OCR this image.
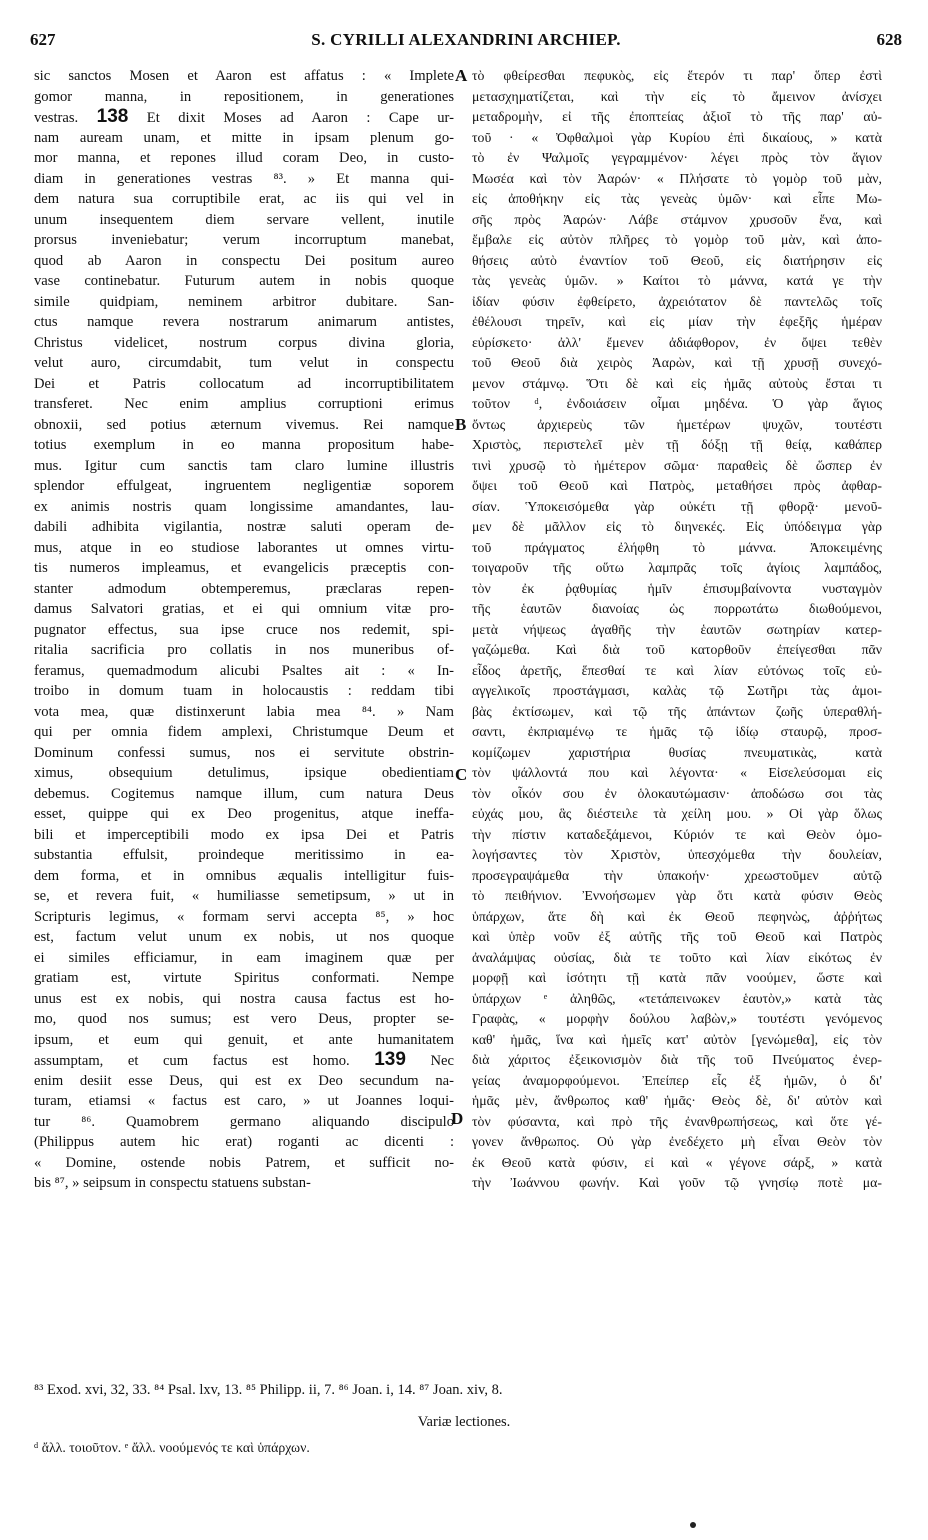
627	S. CYRILLI ALEXANDRINI ARCHIEP.	628
sic sanctos Mosen et Aaron est affatus : « Implete
gomor manna, in repositionem, in generationes
vestras. 138 Et dixit Moses ad Aaron : Cape ur-
nam auream unam, et mitte in ipsam plenum go-
mor manna, et repones illud coram Deo, in custo-
diam in generationes vestras ⁸³. » Et manna qui-
dem natura sua corruptibile erat, ac iis qui vel in
unum insequentem diem servare vellent, inutile
prorsus inveniebatur; verum incorruptum manebat,
quod ab Aaron in conspectu Dei positum aureo
vase continebatur. Futurum autem in nobis quoque
simile quidpiam, neminem arbitror dubitare. San-
ctus namque revera nostrarum animarum antistes,
Christus videlicet, nostrum corpus divina gloria,
velut auro, circumdabit, tum velut in conspectu
Dei et Patris collocatum ad incorruptibilitatem
transferet. Nec enim amplius corruptioni erimus
obnoxii, sed potius æternum vivemus. Rei namque
totius exemplum in eo manna propositum habe-
mus. Igitur cum sanctis tam claro lumine illustris
splendor effulgeat, ingruentem negligentiæ soporem
ex animis nostris quam longissime amandantes, lau-
dabili adhibita vigilantia, nostræ saluti operam de-
mus, atque in eo studiose laborantes ut omnes virtu-
tis numeros impleamus, et evangelicis præceptis con-
stanter admodum obtemperemus, præclaras repen-
damus Salvatori gratias, et ei qui omnium vitæ pro-
pugnator effectus, sua ipse cruce nos redemit, spi-
ritalia sacrificia pro collatis in nos muneribus of-
feramus, quemadmodum alicubi Psaltes ait : « In-
troibo in domum tuam in holocaustis : reddam tibi
vota mea, quæ distinxerunt labia mea ⁸⁴. » Nam
qui per omnia fidem amplexi, Christumque Deum et
Dominum confessi sumus, nos ei servitute obstrin-
ximus, obsequium detulimus, ipsique obedientiam
debemus. Cogitemus namque illum, cum natura Deus
esset, quippe qui ex Deo progenitus, atque ineffa-
bili et imperceptibili modo ex ipsa Dei et Patris
substantia effulsit, proindeque meritissimo in ea-
dem forma, et in omnibus æqualis intelligitur fuis-
se, et revera fuit, « humiliasse semetipsum, » ut in
Scripturis legimus, « formam servi accepta ⁸⁵, » hoc
est, factum velut unum ex nobis, ut nos quoque
ei similes efficiamur, in eam imaginem quæ per
gratiam est, virtute Spiritus conformati. Nempe
unus est ex nobis, qui nostra causa factus est ho-
mo, quod nos sumus; est vero Deus, propter se-
ipsum, et eum qui genuit, et ante humanitatem
assumptam, et cum factus est homo. 139 Nec
enim desiit esse Deus, qui est ex Deo secundum na-
turam, etiamsi « factus est caro, » ut Joannes loqui-
tur ⁸⁶. Quamobrem germano aliquando discipulo
(Philippus autem hic erat) roganti ac dicenti :
« Domine, ostende nobis Patrem, et sufficit no-
bis ⁸⁷, » seipsum in conspectu statuens substan-
τὸ φθείρεσθαι πεφυκὸς, εἰς ἕτερόν τι παρ' ὅπερ ἐστὶ
μετασχηματίζεται, καὶ τὴν εἰς τὸ ἄμεινον ἀνίσχει
μεταδρομὴν, εἰ τῆς ἐποπτείας ἀξιοῖ τὸ τῆς παρ' αὐ-
τοῦ · « Ὀφθαλμοὶ γὰρ Κυρίου ἐπὶ δικαίους, » κατὰ
τὸ ἐν Ψαλμοῖς γεγραμμένον· λέγει πρὸς τὸν ἅγιον
Μωσέα καὶ τὸν Ἀαρών· « Πλήσατε τὸ γομὸρ τοῦ μὰν,
εἰς ἀποθήκην εἰς τὰς γενεὰς ὑμῶν· καὶ εἶπε Μω-
σῆς πρὸς Ἀαρών· Λάβε στάμνον χρυσοῦν ἕνα, καὶ
ἔμβαλε εἰς αὐτὸν πλῆρες τὸ γομὸρ τοῦ μὰν, καὶ ἀπο-
θήσεις αὐτὸ ἐναντίον τοῦ Θεοῦ, εἰς διατήρησιν εἰς
τὰς γενεὰς ὑμῶν. » Καίτοι τὸ μάννα, κατά γε τὴν
ἰδίαν φύσιν ἐφθείρετο, ἀχρειότατον δὲ παντελῶς τοῖς
ἐθέλουσι τηρεῖν, καὶ εἰς μίαν τὴν ἐφεξῆς ἡμέραν
εὑρίσκετο· ἀλλ' ἔμενεν ἀδιάφθορον, ἐν ὄψει τεθὲν
τοῦ Θεοῦ διὰ χειρὸς Ἀαρὼν, καὶ τῇ χρυσῇ συνεχό-
μενον στάμνῳ. Ὅτι δὲ καὶ εἰς ἡμᾶς αὐτοὺς ἔσται τι
τοῦτον ᵈ, ἐνδοιάσειν οἶμαι μηδένα. Ὁ γὰρ ἅγιος
ὄντως ἀρχιερεὺς τῶν ἡμετέρων ψυχῶν, τουτέστι
Χριστὸς, περιστελεῖ μὲν τῇ δόξῃ τῇ θείᾳ, καθάπερ
τινὶ χρυσῷ τὸ ἡμέτερον σῶμα· παραθεὶς δὲ ὥσπερ ἐν
ὄψει τοῦ Θεοῦ καὶ Πατρὸς, μεταθήσει πρὸς ἀφθαρ-
σίαν. Ὑποκεισόμεθα γὰρ οὐκέτι τῇ φθορᾷ· μενοῦ-
μεν δὲ μᾶλλον εἰς τὸ διηνεκές. Εἰς ὑπόδειγμα γὰρ
τοῦ πράγματος ἐλήφθη τὸ μάννα. Ἀποκειμένης
τοιγαροῦν τῆς οὕτω λαμπρᾶς τοῖς ἁγίοις λαμπάδος,
τὸν ἐκ ῥᾳθυμίας ἡμῖν ἐπισυμβαίνοντα νυσταγμὸν
τῆς ἑαυτῶν διανοίας ὡς πορρωτάτω διωθούμενοι,
μετὰ νήψεως ἀγαθῆς τὴν ἑαυτῶν σωτηρίαν κατερ-
γαζώμεθα. Καὶ διὰ τοῦ κατορθοῦν ἐπείγεσθαι πᾶν
εἶδος ἀρετῆς, ἕπεσθαί τε καὶ λίαν εὐτόνως τοῖς εὐ-
αγγελικοῖς προστάγμασι, καλὰς τῷ Σωτῆρι τὰς ἀμοι-
βὰς ἐκτίσωμεν, καὶ τῷ τῆς ἁπάντων ζωῆς ὑπεραθλή-
σαντι, ἐκπριαμένῳ τε ἡμᾶς τῷ ἰδίῳ σταυρῷ, προσ-
κομίζωμεν χαριστήρια θυσίας πνευματικὰς, κατὰ
τὸν ψάλλοντά που καὶ λέγοντα· « Εἰσελεύσομαι εἰς
τὸν οἶκόν σου ἐν ὁλοκαυτώμασιν· ἀποδώσω σοι τὰς
εὐχάς μου, ἃς διέστειλε τὰ χείλη μου. » Οἱ γὰρ ὅλως
τὴν πίστιν καταδεξάμενοι, Κύριόν τε καὶ Θεὸν ὁμο-
λογήσαντες τὸν Χριστὸν, ὑπεσχόμεθα τὴν δουλείαν,
προσεγραψάμεθα τὴν ὑπακοήν· χρεωστοῦμεν αὐτῷ
τὸ πειθήνιον. Ἐννοήσωμεν γὰρ ὅτι κατὰ φύσιν Θεὸς
ὑπάρχων, ἅτε δὴ καὶ ἐκ Θεοῦ πεφηνὼς, ἀῤῥήτως
καὶ ὑπὲρ νοῦν ἐξ αὐτῆς τῆς τοῦ Θεοῦ καὶ Πατρὸς
ἀναλάμψας οὐσίας, διὰ τε τοῦτο καὶ λίαν εἰκότως ἐν
μορφῇ καὶ ἰσότητι τῇ κατὰ πᾶν νοούμεν, ὥστε καὶ
ὑπάρχων ᵉ ἀληθῶς, «τετάπεινωκεν ἑαυτὸν,» κατὰ τὰς
Γραφὰς, « μορφὴν δούλου λαβὼν,» τουτέστι γενόμενος
καθ' ἡμᾶς, ἵνα καὶ ἡμεῖς κατ' αὐτὸν [γενώμεθα], εἰς τὸν
διὰ χάριτος ἐξεικονισμὸν διὰ τῆς τοῦ Πνεύματος ἐνερ-
γείας ἀναμορφούμενοι. Ἐπείπερ εἷς ἐξ ἡμῶν, ὁ δι'
ἡμᾶς μὲν, ἄνθρωπος καθ' ἡμᾶς· Θεὸς δὲ, δι' αὐτὸν καὶ
τὸν φύσαντα, καὶ πρὸ τῆς ἐνανθρωπήσεως, καὶ ὅτε γέ-
γονεν ἄνθρωπος. Οὐ γὰρ ἐνεδέχετο μὴ εἶναι Θεὸν τὸν
ἐκ Θεοῦ κατὰ φύσιν, εἰ καὶ « γέγονε σάρξ, » κατὰ
τὴν Ἰωάννου φωνήν. Καὶ γοῦν τῷ γνησίῳ ποτὲ μα-
A
B
C
D
⁸³ Exod. xvi, 32, 33. ⁸⁴ Psal. lxv, 13. ⁸⁵ Philipp. ii, 7. ⁸⁶ Joan. i, 14. ⁸⁷ Joan. xiv, 8.
Variæ lectiones.
ᵈ ἄλλ. τοιοῦτον. ᵉ ἄλλ. νοούμενός τε καὶ ὑπάρχων.
